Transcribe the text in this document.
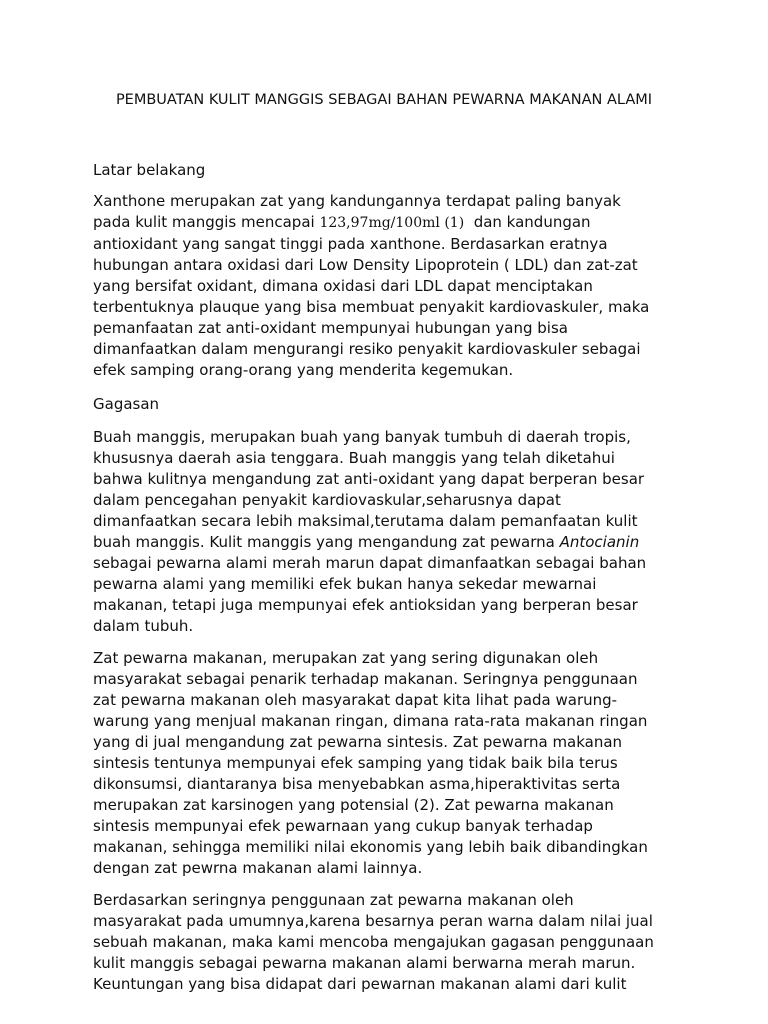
PEMBUATAN KULIT MANGGIS SEBAGAI BAHAN PEWARNA MAKANAN ALAMI
Latar belakang
Xanthone merupakan zat yang kandungannya terdapat paling banyak
pada kulit manggis mencapai 123,97mg/100ml (1)  dan kandungan
antioxidant yang sangat tinggi pada xanthone. Berdasarkan eratnya
hubungan antara oxidasi dari Low Density Lipoprotein ( LDL) dan zat-zat
yang bersifat oxidant, dimana oxidasi dari LDL dapat menciptakan
terbentuknya plauque yang bisa membuat penyakit kardiovaskuler, maka
pemanfaatan zat anti-oxidant mempunyai hubungan yang bisa
dimanfaatkan dalam mengurangi resiko penyakit kardiovaskuler sebagai
efek samping orang-orang yang menderita kegemukan.
Gagasan
Buah manggis, merupakan buah yang banyak tumbuh di daerah tropis,
khususnya daerah asia tenggara. Buah manggis yang telah diketahui
bahwa kulitnya mengandung zat anti-oxidant yang dapat berperan besar
dalam pencegahan penyakit kardiovaskular,seharusnya dapat
dimanfaatkan secara lebih maksimal,terutama dalam pemanfaatan kulit
buah manggis. Kulit manggis yang mengandung zat pewarna Antocianin
sebagai pewarna alami merah marun dapat dimanfaatkan sebagai bahan
pewarna alami yang memiliki efek bukan hanya sekedar mewarnai
makanan, tetapi juga mempunyai efek antioksidan yang berperan besar
dalam tubuh.
Zat pewarna makanan, merupakan zat yang sering digunakan oleh
masyarakat sebagai penarik terhadap makanan. Seringnya penggunaan
zat pewarna makanan oleh masyarakat dapat kita lihat pada warung-
warung yang menjual makanan ringan, dimana rata-rata makanan ringan
yang di jual mengandung zat pewarna sintesis. Zat pewarna makanan
sintesis tentunya mempunyai efek samping yang tidak baik bila terus
dikonsumsi, diantaranya bisa menyebabkan asma,hiperaktivitas serta
merupakan zat karsinogen yang potensial (2). Zat pewarna makanan
sintesis mempunyai efek pewarnaan yang cukup banyak terhadap
makanan, sehingga memiliki nilai ekonomis yang lebih baik dibandingkan
dengan zat pewrna makanan alami lainnya.
Berdasarkan seringnya penggunaan zat pewarna makanan oleh
masyarakat pada umumnya,karena besarnya peran warna dalam nilai jual
sebuah makanan, maka kami mencoba mengajukan gagasan penggunaan
kulit manggis sebagai pewarna makanan alami berwarna merah marun.
Keuntungan yang bisa didapat dari pewarnan makanan alami dari kulit
